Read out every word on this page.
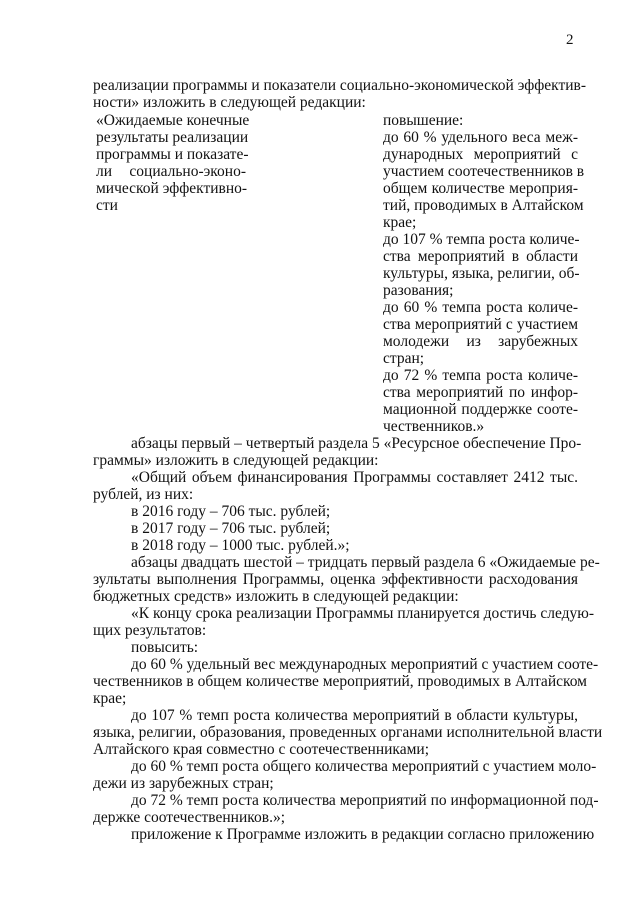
2

реализации программы и показатели социально-экономической эффектив-

ности» изложить в следующей редакции:

«Ожидаемые конечные

результаты реализации

программы и показате-

ли социально-эконо-

мической эффективно-

сти

повышение:

до 60 % удельного веса меж-

дународных мероприятий с

участием соотечественников в

общем количестве мероприя-

тий, проводимых в Алтайском

крае;

до 107 % темпа роста количе-

ства мероприятий в области

культуры, языка, религии, об-

разования;

до 60 % темпа роста количе-

ства мероприятий с участием

молодежи из зарубежных

стран;

до 72 % темпа роста количе-

ства мероприятий по инфор-

мационной поддержке сооте-

чественников.»

абзацы первый – четвертый раздела 5 «Ресурсное обеспечение Про-

граммы» изложить в следующей редакции:

«Общий объем финансирования Программы составляет 2412 тыс.

рублей, из них:

в 2016 году – 706 тыс. рублей;

в 2017 году – 706 тыс. рублей;

в 2018 году – 1000 тыс. рублей.»;

абзацы двадцать шестой – тридцать первый раздела 6 «Ожидаемые ре-

зультаты выполнения Программы, оценка эффективности расходования

бюджетных средств» изложить в следующей редакции:

«К концу срока реализации Программы планируется достичь следую-

щих результатов:

повысить:

до 60 % удельный вес международных мероприятий с участием сооте-

чественников в общем количестве мероприятий, проводимых в Алтайском

крае;

до 107 % темп роста количества мероприятий в области культуры,

языка, религии, образования, проведенных органами исполнительной власти

Алтайского края совместно с соотечественниками;

до 60 % темп роста общего количества мероприятий с участием моло-

дежи из зарубежных стран;

до 72 % темп роста количества мероприятий по информационной под-

держке соотечественников.»;

приложение к Программе изложить в редакции согласно приложению
